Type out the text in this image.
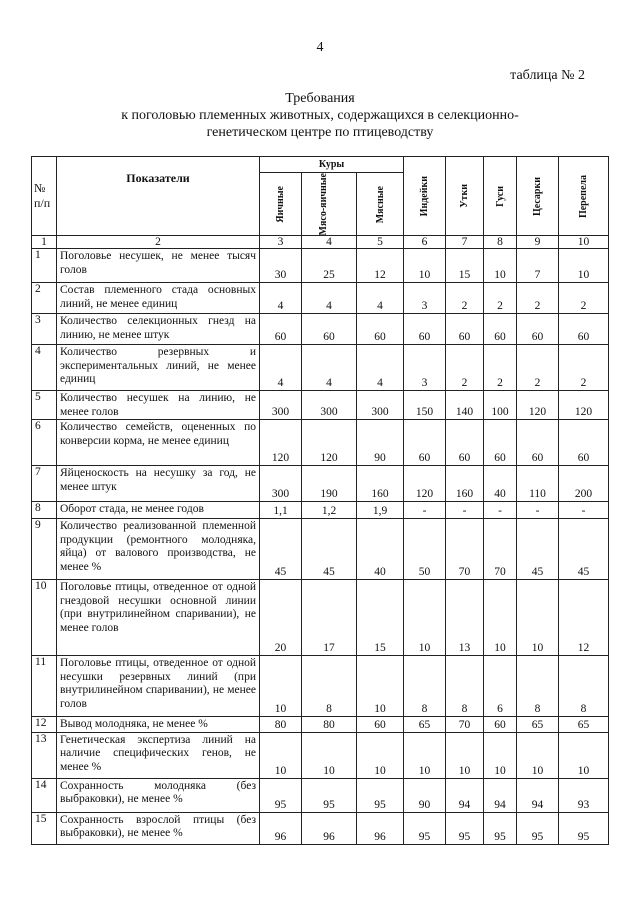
4
таблица № 2
Требования
к поголовью племенных животных, содержащихся в селекционно-
генетическом центре по птицеводству
№ п/п	Показатели	Куры			Индейки	Утки	Гуси	Цесарки	Перепела

		Яичные	Мясо-яичные	Мясные					

1	2	3	4	5	6	7	8	9	10
1	Поголовье несушек, не менее тысяч голов	30	25	12	10	15	10	7	10
2	Состав племенного стада основных линий, не менее единиц	4	4	4	3	2	2	2	2
3	Количество селекционных гнезд на линию, не менее штук	60	60	60	60	60	60	60	60
4	Количество резервных и экспериментальных линий, не менее единиц	4	4	4	3	2	2	2	2
5	Количество несушек на линию, не менее голов	300	300	300	150	140	100	120	120
6	Количество семейств, оцененных по конверсии корма, не менее единиц	120	120	90	60	60	60	60	60
7	Яйценоскость на несушку за год, не менее штук	300	190	160	120	160	40	110	200
8	Оборот стада, не менее годов	1,1	1,2	1,9	-	-	-	-	-
9	Количество реализованной племенной продукции (ремонтного молодняка, яйца) от валового производства, не менее %	45	45	40	50	70	70	45	45
10	Поголовье птицы, отведенное от одной гнездовой несушки основной линии (при внутрилинейном спаривании), не менее голов	20	17	15	10	13	10	10	12
11	Поголовье птицы, отведенное от одной несушки резервных линий (при внутрилинейном спаривании), не менее голов	10	8	10	8	8	6	8	8
12	Вывод молодняка, не менее %	80	80	60	65	70	60	65	65
13	Генетическая экспертиза линий на наличие специфических генов, не менее %	10	10	10	10	10	10	10	10
14	Сохранность молодняка (без выбраковки), не менее %	95	95	95	90	94	94	94	93
15	Сохранность взрослой птицы (без выбраковки), не менее %	96	96	96	95	95	95	95	95
